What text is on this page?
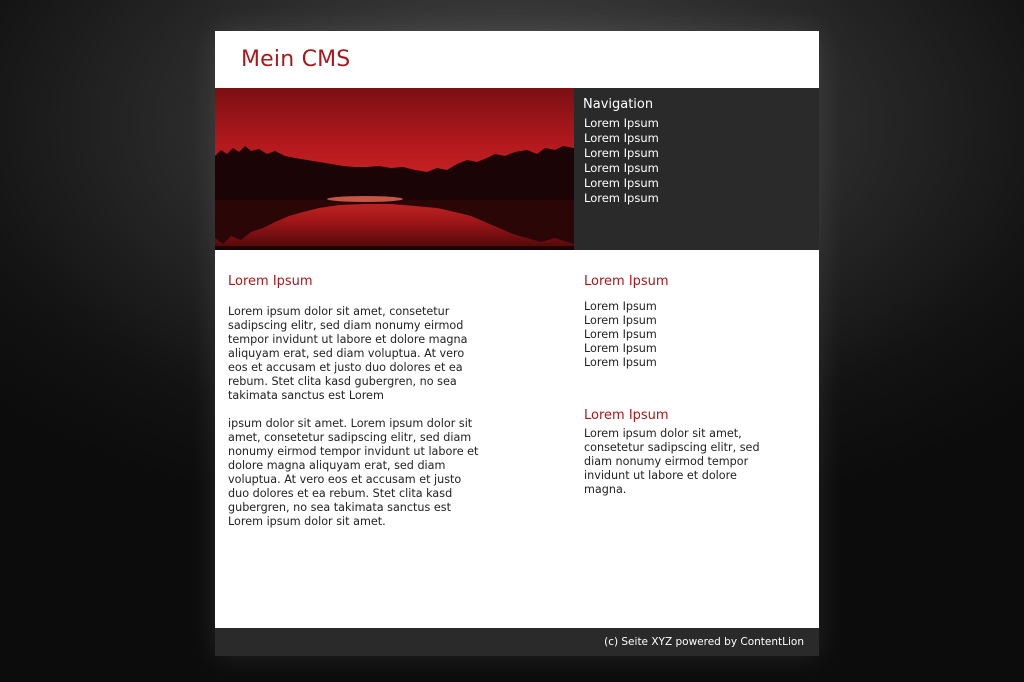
Mein CMS
Navigation
Lorem Ipsum
Lorem Ipsum
Lorem Ipsum
Lorem Ipsum
Lorem Ipsum
Lorem Ipsum
Lorem Ipsum

Lorem ipsum dolor sit amet, consetetur sadipscing elitr, sed diam nonumy eirmod tempor invidunt ut labore et dolore magna aliquyam erat, sed diam voluptua. At vero eos et accusam et justo duo dolores et ea rebum. Stet clita kasd gubergren, no sea takimata sanctus est Lorem

ipsum dolor sit amet. Lorem ipsum dolor sit amet, consetetur sadipscing elitr, sed diam nonumy eirmod tempor invidunt ut labore et dolore magna aliquyam erat, sed diam voluptua. At vero eos et accusam et justo duo dolores et ea rebum. Stet clita kasd gubergren, no sea takimata sanctus est Lorem ipsum dolor sit amet.

Lorem Ipsum
Lorem Ipsum
Lorem Ipsum
Lorem Ipsum
Lorem Ipsum
Lorem Ipsum
Lorem Ipsum

Lorem ipsum dolor sit amet, consetetur sadipscing elitr, sed diam nonumy eirmod tempor invidunt ut labore et dolore magna.

(c) Seite XYZ powered by ContentLion
